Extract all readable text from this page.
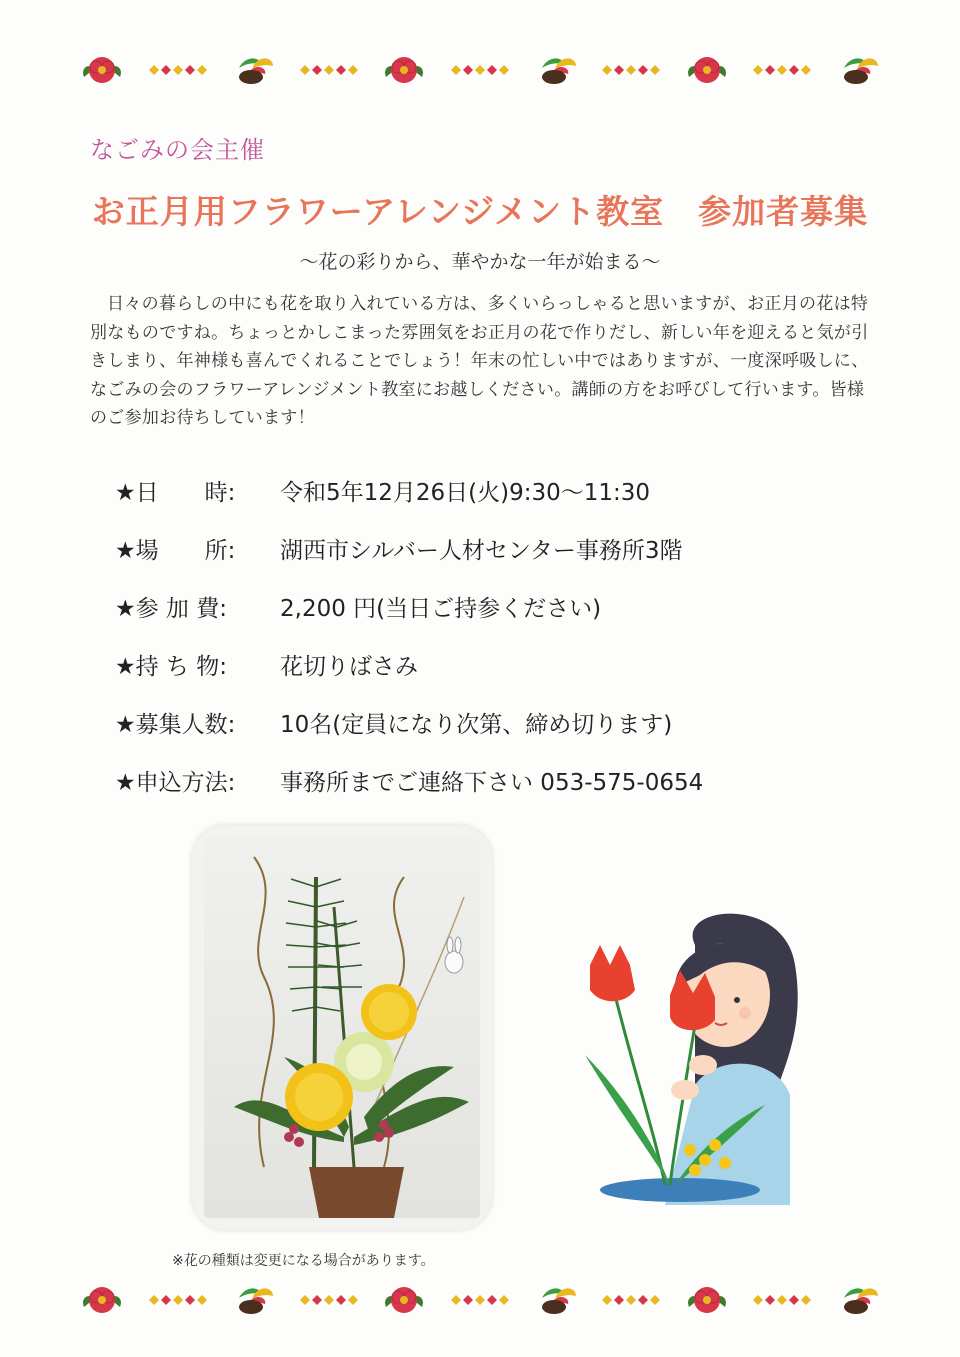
なごみの会主催
お正月用フラワーアレンジメント教室　参加者募集
～花の彩りから、華やかな一年が始まる～
日々の暮らしの中にも花を取り入れている方は、多くいらっしゃると思いますが、お正月の花は特別なものですね。ちょっとかしこまった雰囲気をお正月の花で作りだし、新しい年を迎えると気が引きしまり、年神様も喜んでくれることでしょう！年末の忙しい中ではありますが、一度深呼吸しに、なごみの会のフラワーアレンジメント教室にお越しください。講師の方をお呼びして行います。皆様のご参加お待ちしています！
★日　　時:	令和5年12月26日(火)9:30～11:30
★場　　所:	湖西市シルバー人材センター事務所3階
★参 加 費:	2,200 円(当日ご持参ください)
★持 ち 物:	花切りばさみ
★募集人数:	10名(定員になり次第、締め切ります)
★申込方法:	事務所までご連絡下さい 053-575-0654
※花の種類は変更になる場合があります。
